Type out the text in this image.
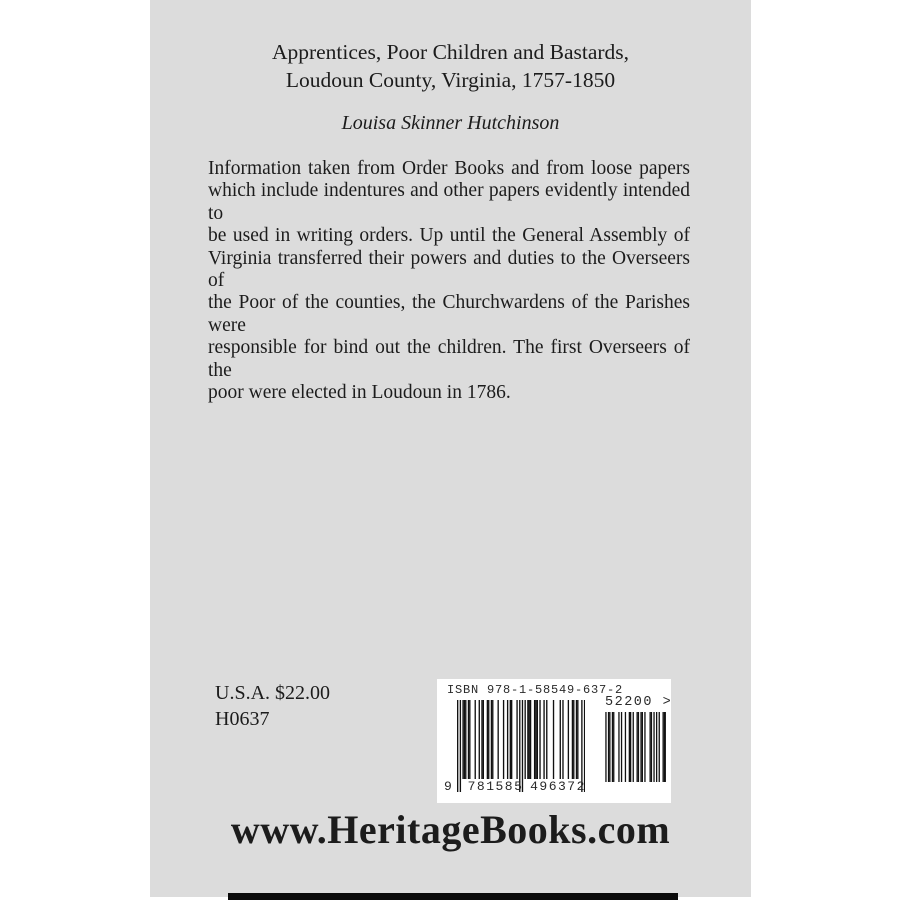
Apprentices, Poor Children and Bastards,
Loudoun County, Virginia, 1757-1850
Louisa Skinner Hutchinson
Information taken from Order Books and from loose papers
which include indentures and other papers evidently intended to
be used in writing orders. Up until the General Assembly of
Virginia transferred their powers and duties to the Overseers of
the Poor of the counties, the Churchwardens of the Parishes were
responsible for bind out the children. The first Overseers of the
poor were elected in Loudoun in 1786.
U.S.A. $22.00
H0637
ISBN 978-1-58549-637-2
52200 >
9 781585 496372
www.HeritageBooks.com
